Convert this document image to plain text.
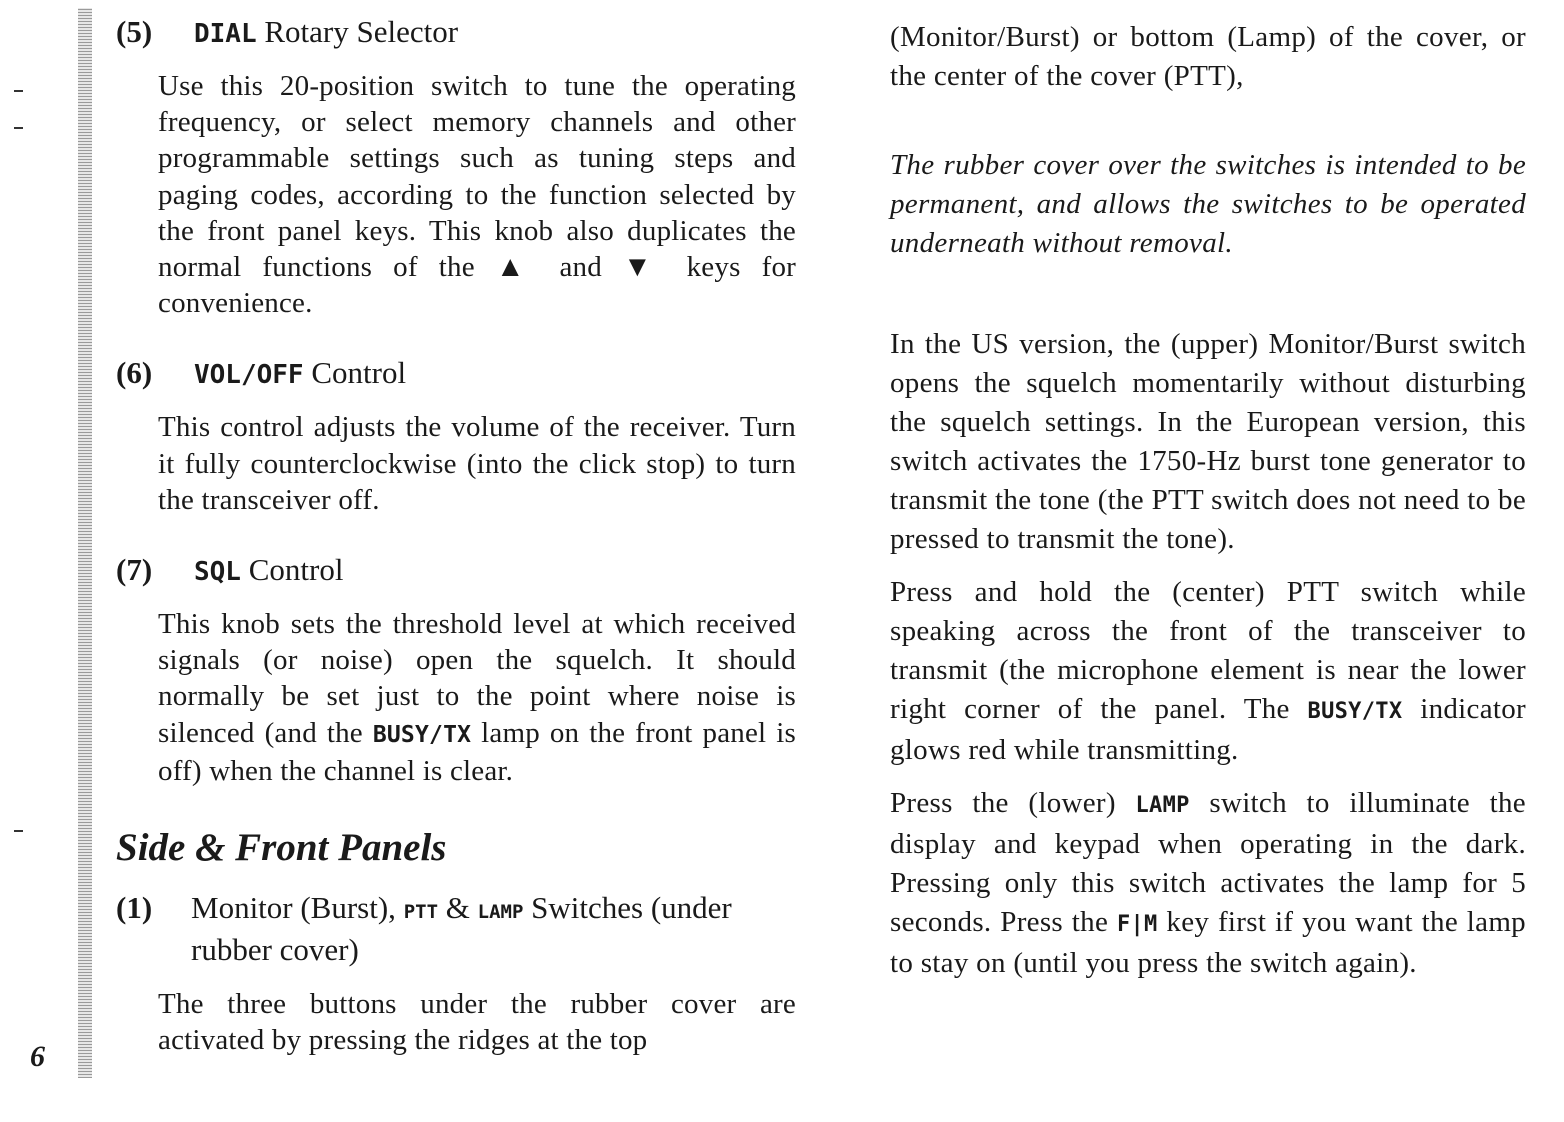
6
(5) DIAL Rotary Selector

Use this 20-position switch to tune the operating frequency, or select memory channels and other programmable settings such as tuning steps and paging codes, according to the function selected by the front panel keys. This knob also duplicates the normal functions of the ▲ and ▼ keys for convenience.

(6) VOL/OFF Control

This control adjusts the volume of the receiver. Turn it fully counterclockwise (into the click stop) to turn the transceiver off.

(7) SQL Control

This knob sets the threshold level at which received signals (or noise) open the squelch. It should normally be set just to the point where noise is silenced (and the BUSY/TX lamp on the front panel is off) when the channel is clear.

Side & Front Panels
(1)	Monitor (Burst), PTT & LAMP Switches (under rubber cover)

The three buttons under the rubber cover are activated by pressing the ridges at the top

(Monitor/Burst) or bottom (Lamp) of the cover, or the center of the cover (PTT),

The rubber cover over the switches is intended to be permanent, and allows the switches to be operated underneath without removal.

In the US version, the (upper) Monitor/Burst switch opens the squelch momentarily without disturbing the squelch settings. In the European version, this switch activates the 1750-Hz burst tone generator to transmit the tone (the PTT switch does not need to be pressed to transmit the tone).

Press and hold the (center) PTT switch while speaking across the front of the transceiver to transmit (the microphone element is near the lower right corner of the panel. The BUSY/TX indicator glows red while transmitting.

Press the (lower) LAMP switch to illuminate the display and keypad when operating in the dark. Pressing only this switch activates the lamp for 5 seconds. Press the F|M key first if you want the lamp to stay on (until you press the switch again).
